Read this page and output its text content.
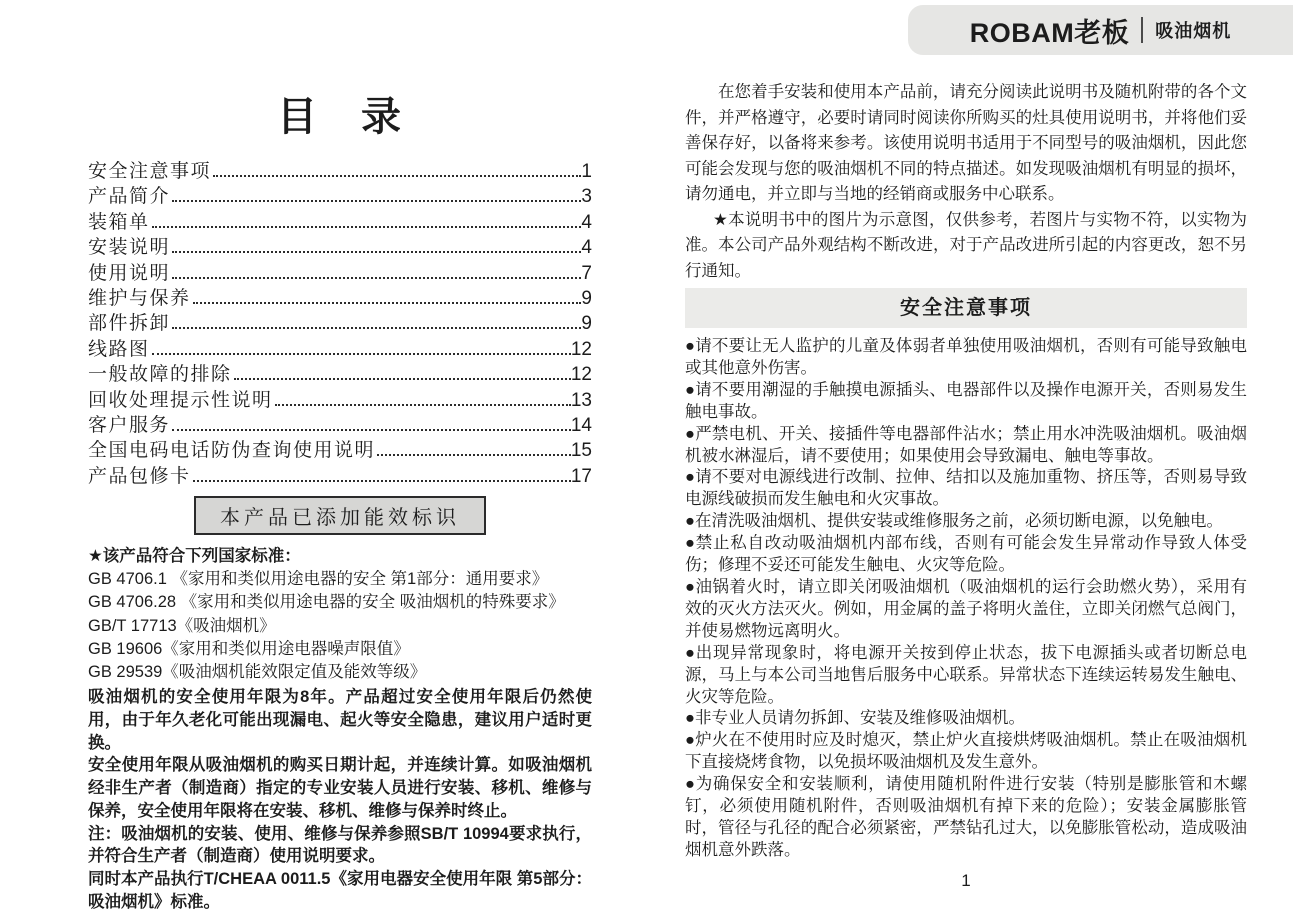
ROBAM老板 吸油烟机
目　录
安全注意事项	1
产品简介	3
装箱单	4
安装说明	4
使用说明	7
维护与保养	9
部件拆卸	9
线路图	12
一般故障的排除	12
回收处理提示性说明	13
客户服务	14
全国电码电话防伪查询使用说明	15
产品包修卡	17
本产品已添加能效标识

★该产品符合下列国家标准：

GB 4706.1 《家用和类似用途电器的安全 第1部分：通用要求》
GB 4706.28 《家用和类似用途电器的安全 吸油烟机的特殊要求》
GB/T 17713《吸油烟机》
GB 19606《家用和类似用途电器噪声限值》
GB 29539《吸油烟机能效限定值及能效等级》

吸油烟机的安全使用年限为8年。产品超过安全使用年限后仍然使用，由于年久老化可能出现漏电、起火等安全隐患，建议用户适时更换。

安全使用年限从吸油烟机的购买日期计起，并连续计算。如吸油烟机经非生产者（制造商）指定的专业安装人员进行安装、移机、维修与保养，安全使用年限将在安装、移机、维修与保养时终止。

注：吸油烟机的安装、使用、维修与保养参照SB/T 10994要求执行，并符合生产者（制造商）使用说明要求。

同时本产品执行T/CHEAA 0011.5《家用电器安全使用年限 第5部分：吸油烟机》标准。

在您着手安装和使用本产品前，请充分阅读此说明书及随机附带的各个文件，并严格遵守，必要时请同时阅读你所购买的灶具使用说明书，并将他们妥善保存好，以备将来参考。该使用说明书适用于不同型号的吸油烟机，因此您可能会发现与您的吸油烟机不同的特点描述。如发现吸油烟机有明显的损坏，请勿通电，并立即与当地的经销商或服务中心联系。

★本说明书中的图片为示意图，仅供参考，若图片与实物不符，以实物为准。本公司产品外观结构不断改进，对于产品改进所引起的内容更改，恕不另行通知。

安全注意事项

●请不要让无人监护的儿童及体弱者单独使用吸油烟机，否则有可能导致触电或其他意外伤害。

●请不要用潮湿的手触摸电源插头、电器部件以及操作电源开关，否则易发生触电事故。

●严禁电机、开关、接插件等电器部件沾水；禁止用水冲洗吸油烟机。吸油烟机被水淋湿后，请不要使用；如果使用会导致漏电、触电等事故。

●请不要对电源线进行改制、拉伸、结扣以及施加重物、挤压等，否则易导致电源线破损而发生触电和火灾事故。

●在清洗吸油烟机、提供安装或维修服务之前，必须切断电源，以免触电。

●禁止私自改动吸油烟机内部布线，否则有可能会发生异常动作导致人体受伤；修理不妥还可能发生触电、火灾等危险。

●油锅着火时，请立即关闭吸油烟机（吸油烟机的运行会助燃火势），采用有效的灭火方法灭火。例如，用金属的盖子将明火盖住，立即关闭燃气总阀门，并使易燃物远离明火。

●出现异常现象时，将电源开关按到停止状态，拔下电源插头或者切断总电源，马上与本公司当地售后服务中心联系。异常状态下连续运转易发生触电、火灾等危险。

●非专业人员请勿拆卸、安装及维修吸油烟机。

●炉火在不使用时应及时熄灭，禁止炉火直接烘烤吸油烟机。禁止在吸油烟机下直接烧烤食物，以免损坏吸油烟机及发生意外。

●为确保安全和安装顺利，请使用随机附件进行安装（特别是膨胀管和木螺钉，必须使用随机附件，否则吸油烟机有掉下来的危险）；安装金属膨胀管时，管径与孔径的配合必须紧密，严禁钻孔过大，以免膨胀管松动，造成吸油烟机意外跌落。

1
